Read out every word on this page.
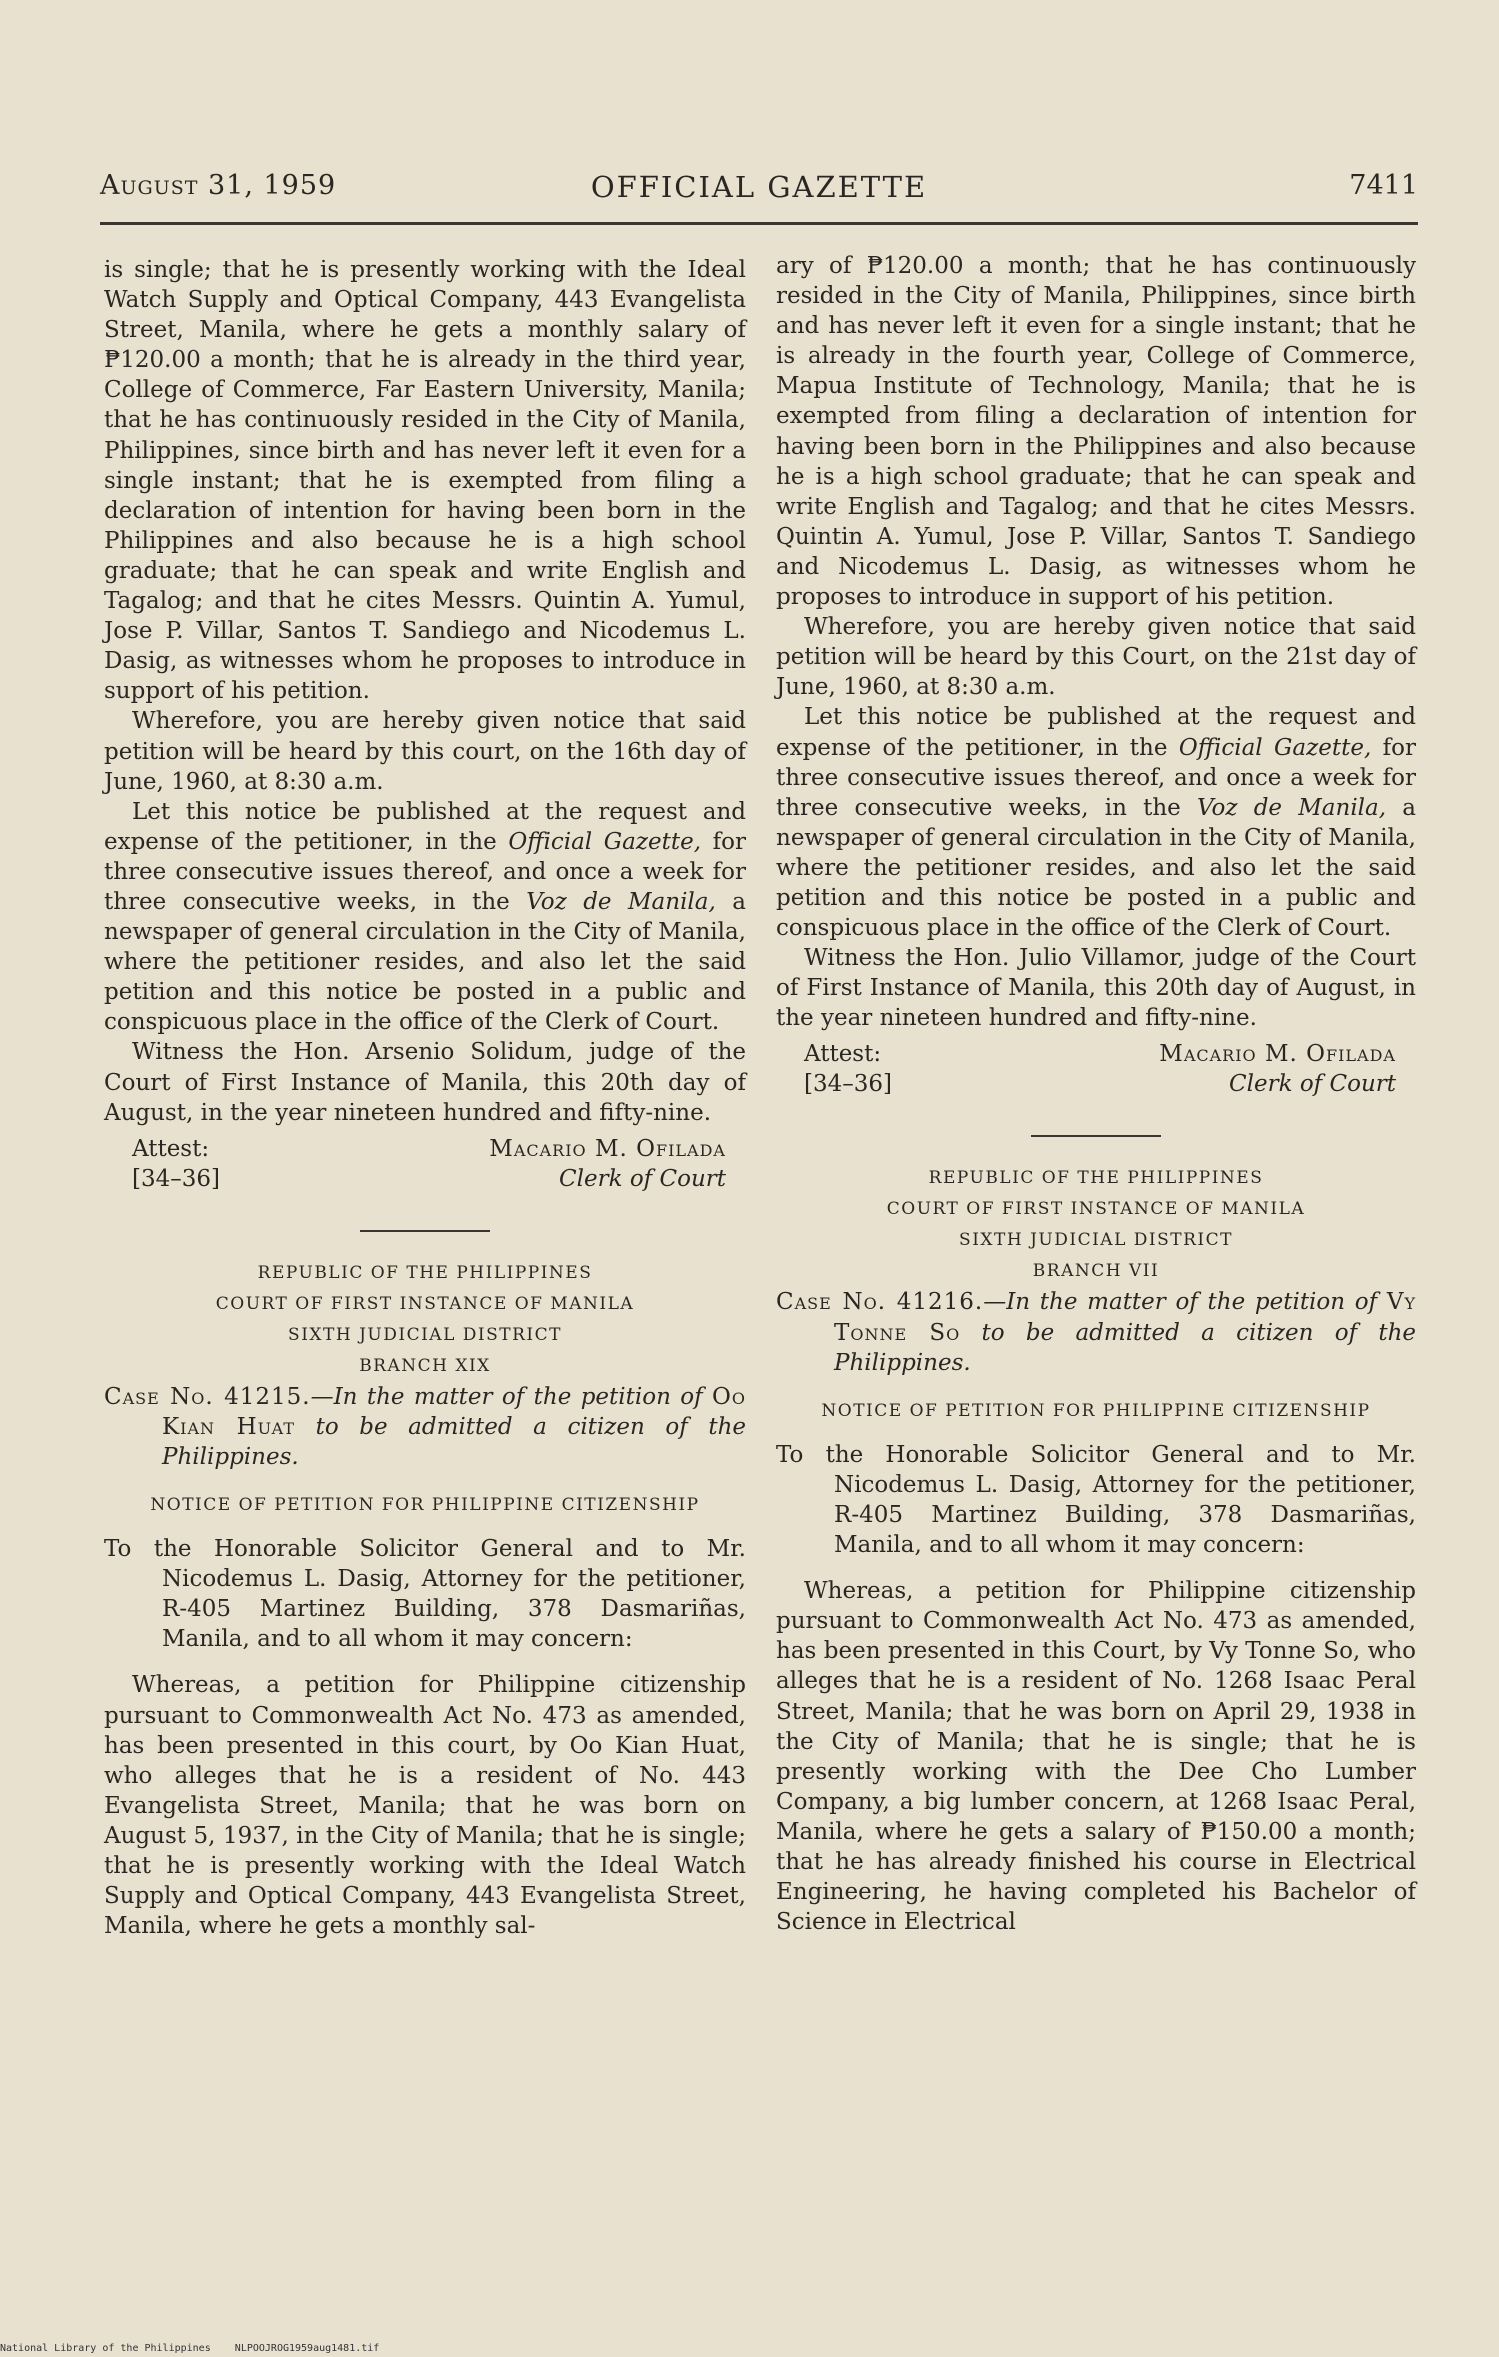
August 31, 1959	OFFICIAL GAZETTE	7411

is single; that he is presently working with the Ideal Watch Supply and Optical Company, 443 Evangelista Street, Manila, where he gets a monthly salary of ₱120.00 a month; that he is already in the third year, College of Commerce, Far Eastern University, Manila; that he has continuously resided in the City of Manila, Philippines, since birth and has never left it even for a single instant; that he is exempted from filing a declaration of intention for having been born in the Philippines and also because he is a high school graduate; that he can speak and write English and Tagalog; and that he cites Messrs. Quintin A. Yumul, Jose P. Villar, Santos T. Sandiego and Nicodemus L. Dasig, as witnesses whom he proposes to introduce in support of his petition.

Wherefore, you are hereby given notice that said petition will be heard by this court, on the 16th day of June, 1960, at 8:30 a.m.

Let this notice be published at the request and expense of the petitioner, in the Official Gazette, for three consecutive issues thereof, and once a week for three consecutive weeks, in the Voz de Manila, a newspaper of general circulation in the City of Manila, where the petitioner resides, and also let the said petition and this notice be posted in a public and conspicuous place in the office of the Clerk of Court.

Witness the Hon. Arsenio Solidum, judge of the Court of First Instance of Manila, this 20th day of August, in the year nineteen hundred and fifty-nine.

Attest:
[34–36]
Macario M. Ofilada
Clerk of Court
REPUBLIC OF THE PHILIPPINES
COURT OF FIRST INSTANCE OF MANILA
SIXTH JUDICIAL DISTRICT
BRANCH XIX

Case No. 41215.—In the matter of the petition of Oo Kian Huat to be admitted a citizen of the Philippines.

NOTICE OF PETITION FOR PHILIPPINE CITIZENSHIP

To the Honorable Solicitor General and to Mr. Nicodemus L. Dasig, Attorney for the petitioner, R-405 Martinez Building, 378 Dasmariñas, Manila, and to all whom it may concern:

Whereas, a petition for Philippine citizenship pursuant to Commonwealth Act No. 473 as amended, has been presented in this court, by Oo Kian Huat, who alleges that he is a resident of No. 443 Evangelista Street, Manila; that he was born on August 5, 1937, in the City of Manila; that he is single; that he is presently working with the Ideal Watch Supply and Optical Company, 443 Evangelista Street, Manila, where he gets a monthly sal-

ary of ₱120.00 a month; that he has continuously resided in the City of Manila, Philippines, since birth and has never left it even for a single instant; that he is already in the fourth year, College of Commerce, Mapua Institute of Technology, Manila; that he is exempted from filing a declaration of intention for having been born in the Philippines and also because he is a high school graduate; that he can speak and write English and Tagalog; and that he cites Messrs. Quintin A. Yumul, Jose P. Villar, Santos T. Sandiego and Nicodemus L. Dasig, as witnesses whom he proposes to introduce in support of his petition.

Wherefore, you are hereby given notice that said petition will be heard by this Court, on the 21st day of June, 1960, at 8:30 a.m.

Let this notice be published at the request and expense of the petitioner, in the Official Gazette, for three consecutive issues thereof, and once a week for three consecutive weeks, in the Voz de Manila, a newspaper of general circulation in the City of Manila, where the petitioner resides, and also let the said petition and this notice be posted in a public and conspicuous place in the office of the Clerk of Court.

Witness the Hon. Julio Villamor, judge of the Court of First Instance of Manila, this 20th day of August, in the year nineteen hundred and fifty-nine.

Attest:
[34–36]
Macario M. Ofilada
Clerk of Court
REPUBLIC OF THE PHILIPPINES
COURT OF FIRST INSTANCE OF MANILA
SIXTH JUDICIAL DISTRICT
BRANCH VII

Case No. 41216.—In the matter of the petition of Vy Tonne So to be admitted a citizen of the Philippines.

NOTICE OF PETITION FOR PHILIPPINE CITIZENSHIP

To the Honorable Solicitor General and to Mr. Nicodemus L. Dasig, Attorney for the petitioner, R-405 Martinez Building, 378 Dasmariñas, Manila, and to all whom it may concern:

Whereas, a petition for Philippine citizenship pursuant to Commonwealth Act No. 473 as amended, has been presented in this Court, by Vy Tonne So, who alleges that he is a resident of No. 1268 Isaac Peral Street, Manila; that he was born on April 29, 1938 in the City of Manila; that he is single; that he is presently working with the Dee Cho Lumber Company, a big lumber concern, at 1268 Isaac Peral, Manila, where he gets a salary of ₱150.00 a month; that he has already finished his course in Electrical Engineering, he having completed his Bachelor of Science in Electrical

National Library of the Philippines    NLPOOJROG1959aug1481.tif
